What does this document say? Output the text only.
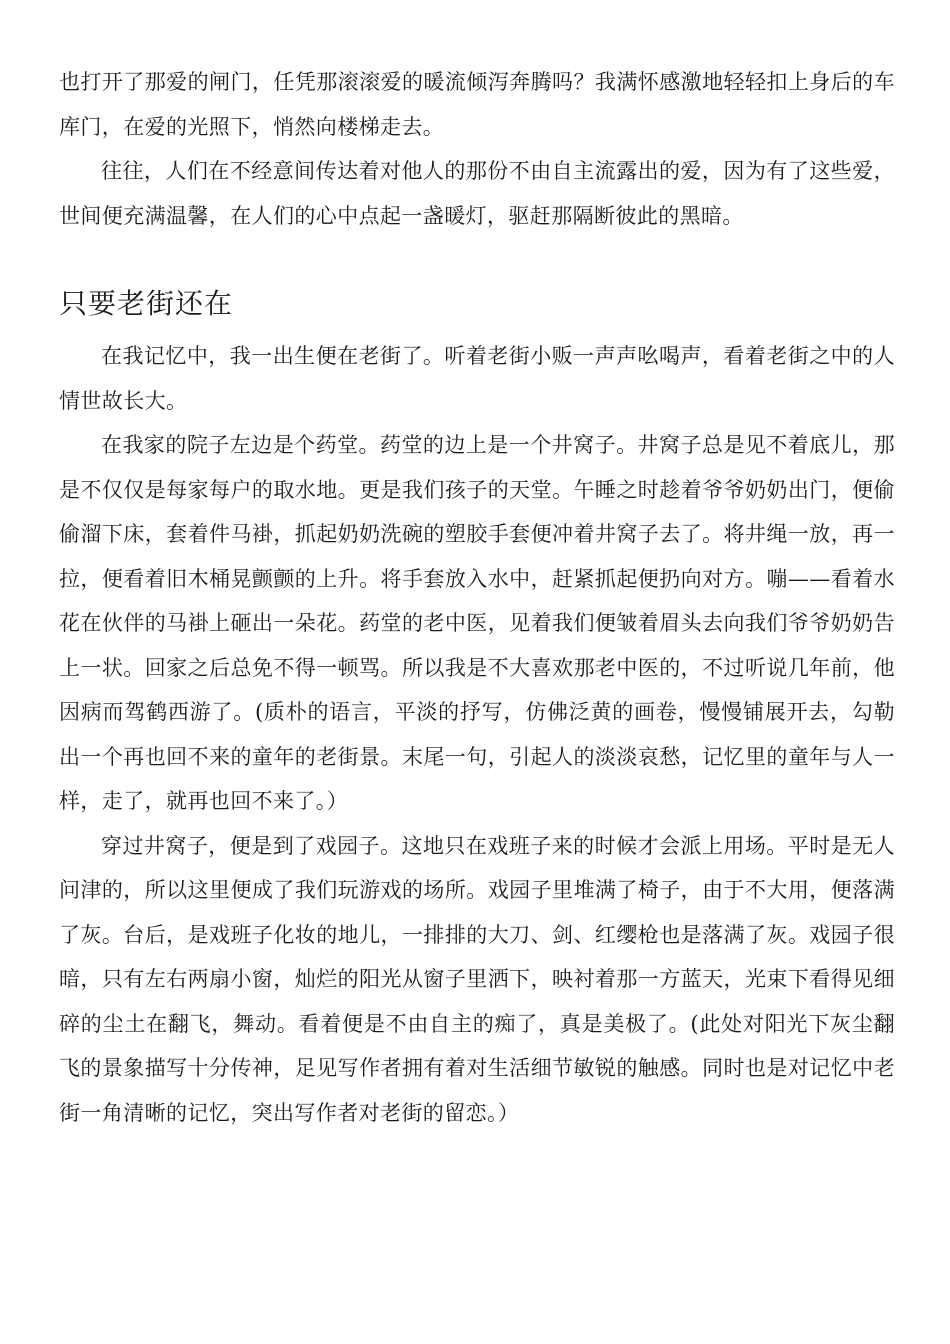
也打开了那爱的闸门，任凭那滚滚爱的暖流倾泻奔腾吗？我满怀感激地轻轻扣上身后的车库门，在爱的光照下，悄然向楼梯走去。

往往，人们在不经意间传达着对他人的那份不由自主流露出的爱，因为有了这些爱，世间便充满温馨，在人们的心中点起一盏暖灯，驱赶那隔断彼此的黑暗。

只要老街还在

在我记忆中，我一出生便在老街了。听着老街小贩一声声吆喝声，看着老街之中的人情世故长大。

在我家的院子左边是个药堂。药堂的边上是一个井窝子。井窝子总是见不着底儿，那是不仅仅是每家每户的取水地。更是我们孩子的天堂。午睡之时趁着爷爷奶奶出门，便偷偷溜下床，套着件马褂，抓起奶奶洗碗的塑胶手套便冲着井窝子去了。将井绳一放，再一拉，便看着旧木桶晃颤颤的上升。将手套放入水中，赶紧抓起便扔向对方。嘣——看着水花在伙伴的马褂上砸出一朵花。药堂的老中医，见着我们便皱着眉头去向我们爷爷奶奶告上一状。回家之后总免不得一顿骂。所以我是不大喜欢那老中医的，不过听说几年前，他因病而驾鹤西游了。(质朴的语言，平淡的抒写，仿佛泛黄的画卷，慢慢铺展开去，勾勒出一个再也回不来的童年的老街景。末尾一句，引起人的淡淡哀愁，记忆里的童年与人一样，走了，就再也回不来了。）

穿过井窝子，便是到了戏园子。这地只在戏班子来的时候才会派上用场。平时是无人问津的，所以这里便成了我们玩游戏的场所。戏园子里堆满了椅子，由于不大用，便落满了灰。台后，是戏班子化妆的地儿，一排排的大刀、剑、红缨枪也是落满了灰。戏园子很暗，只有左右两扇小窗，灿烂的阳光从窗子里洒下，映衬着那一方蓝天，光束下看得见细碎的尘土在翻飞，舞动。看着便是不由自主的痴了，真是美极了。(此处对阳光下灰尘翻飞的景象描写十分传神，足见写作者拥有着对生活细节敏锐的触感。同时也是对记忆中老街一角清晰的记忆，突出写作者对老街的留恋。）
